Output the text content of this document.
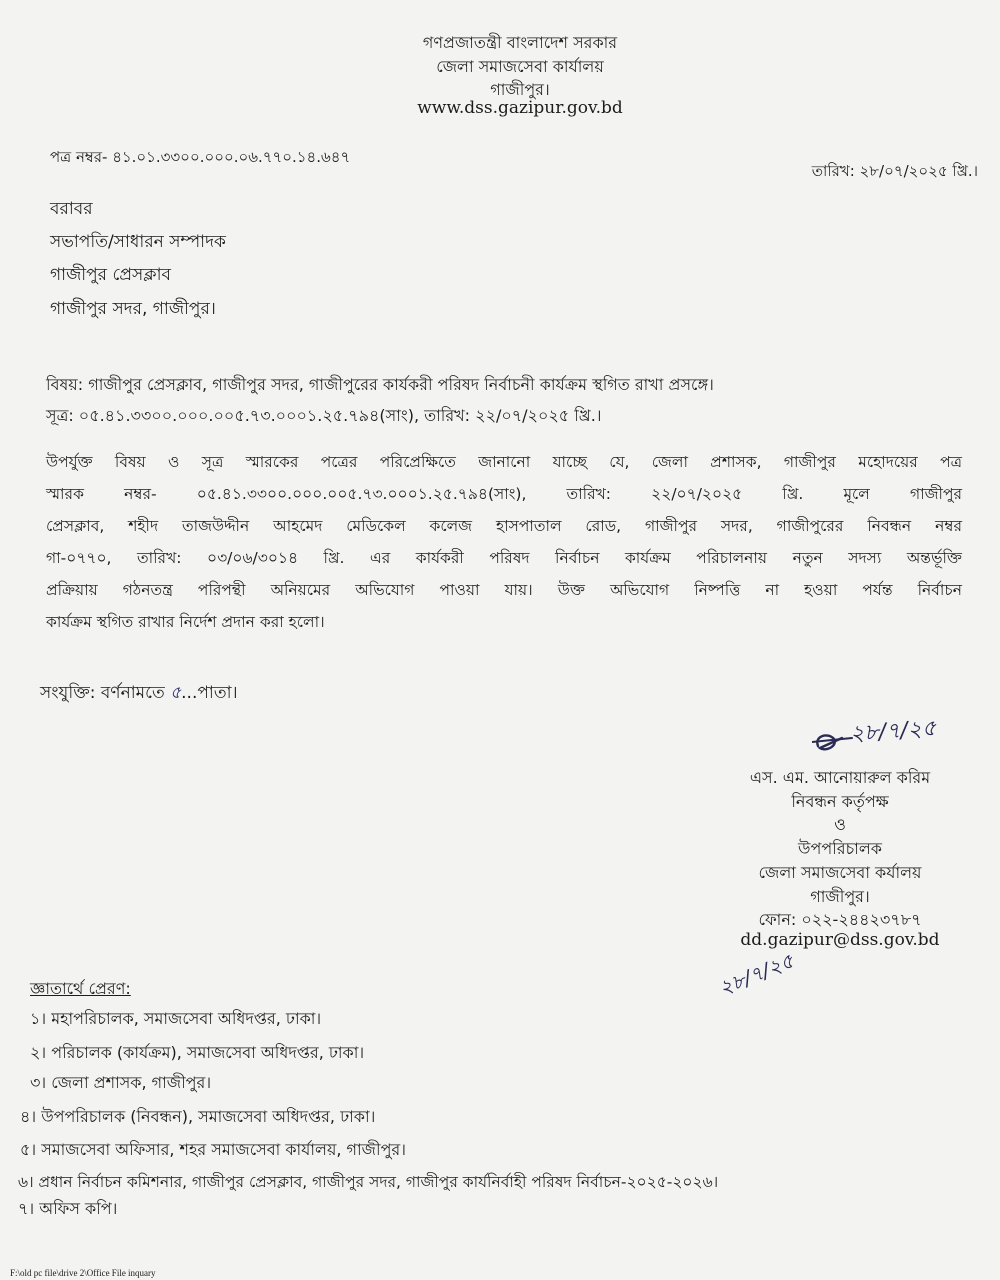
গণপ্রজাতন্ত্রী বাংলাদেশ সরকার
জেলা সমাজসেবা কার্যালয়
গাজীপুর।
www.dss.gazipur.gov.bd
পত্র নম্বর- ৪১.০১.৩৩০০.০০০.০৬.৭৭০.১৪.৬৪৭
তারিখ: ২৮/০৭/২০২৫ খ্রি.।
বরাবর
সভাপতি/সাধারন সম্পাদক
গাজীপুর প্রেসক্লাব
গাজীপুর সদর, গাজীপুর।
বিষয়: গাজীপুর প্রেসক্লাব, গাজীপুর সদর, গাজীপুরের কার্যকরী পরিষদ নির্বাচনী কার্যক্রম স্থগিত রাখা প্রসঙ্গে।
সূত্র: ০৫.৪১.৩৩০০.০০০.০০৫.৭৩.০০০১.২৫.৭৯৪(সাং), তারিখ: ২২/০৭/২০২৫ খ্রি.।
উপর্যুক্ত বিষয় ও সূত্র স্মারকের পত্রের পরিপ্রেক্ষিতে জানানো যাচ্ছে যে, জেলা প্রশাসক, গাজীপুর মহোদয়ের পত্র
স্মারক নম্বর- ০৫.৪১.৩৩০০.০০০.০০৫.৭৩.০০০১.২৫.৭৯৪(সাং), তারিখ: ২২/০৭/২০২৫ খ্রি. মূলে গাজীপুর
প্রেসক্লাব, শহীদ তাজউদ্দীন আহমেদ মেডিকেল কলেজ হাসপাতাল রোড, গাজীপুর সদর, গাজীপুরের নিবন্ধন নম্বর
গা-০৭৭০, তারিখ: ০৩/০৬/৩০১৪ খ্রি. এর কার্যকরী পরিষদ নির্বাচন কার্যক্রম পরিচালনায় নতুন সদস্য অন্তর্ভূক্তি
প্রক্রিয়ায় গঠনতন্ত্র পরিপন্থী অনিয়মের অভিযোগ পাওয়া যায়। উক্ত অভিযোগ নিষ্পত্তি না হওয়া পর্যন্ত নির্বাচন
কার্যক্রম স্থগিত রাখার নির্দেশ প্রদান করা হলো।
সংযুক্তি: বর্ণনামতে ৫...পাতা।
২৮/৭/২৫
এস. এম. আনোয়ারুল করিম
নিবন্ধন কর্তৃপক্ষ
ও
উপপরিচালক
জেলা সমাজসেবা কর্যালয়
গাজীপুর।
ফোন: ০২২-২৪৪২৩৭৮৭
dd.gazipur@dss.gov.bd
২৮/৭/২৫
জ্ঞাতার্থে প্রেরণ:
১। মহাপরিচালক, সমাজসেবা অধিদপ্তর, ঢাকা।
২। পরিচালক (কার্যক্রম), সমাজসেবা অধিদপ্তর, ঢাকা।
৩। জেলা প্রশাসক, গাজীপুর।
৪। উপপরিচালক (নিবন্ধন), সমাজসেবা অধিদপ্তর, ঢাকা।
৫। সমাজসেবা অফিসার, শহর সমাজসেবা কার্যালয়, গাজীপুর।
৬। প্রধান নির্বাচন কমিশনার, গাজীপুর প্রেসক্লাব, গাজীপুর সদর, গাজীপুর কার্যনির্বাহী পরিষদ নির্বাচন-২০২৫-২০২৬।
৭। অফিস কপি।
F:\old pc file\drive 2\Office File inquary
